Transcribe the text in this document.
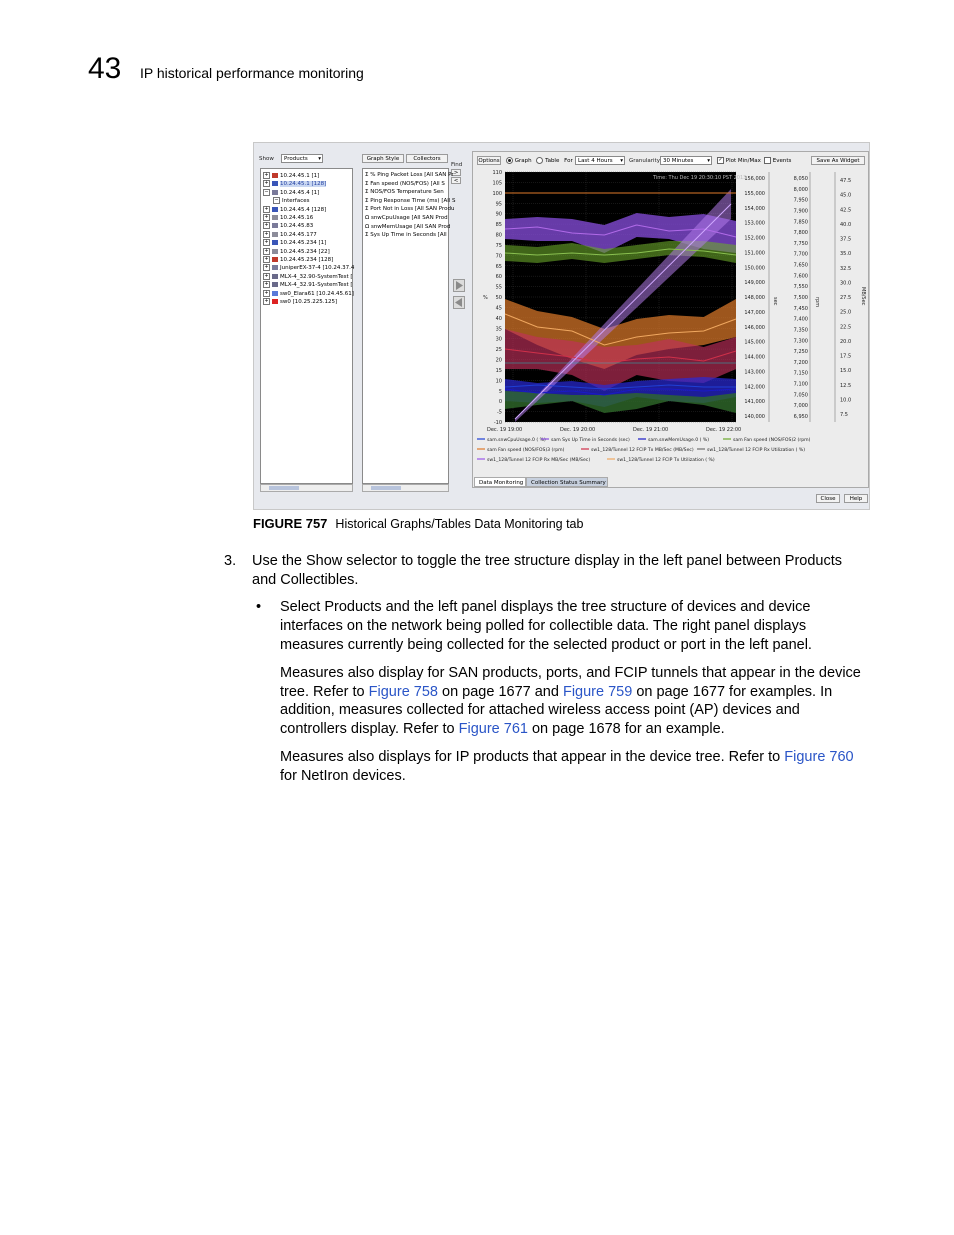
43 IP historical performance monitoring
Show	Products ▾	Graph Style	Collectors
Find
>
<
+ 10.24.45.1 [1]
+ 10.24.45.1 [128]
− 10.24.45.4 [1]
− Interfaces
+ 10.24.45.4 [128]
+ 10.24.45.16
+ 10.24.45.83
+ 10.24.45.177
+ 10.24.45.234 [1]
+ 10.24.45.234 [22]
+ 10.24.45.234 [128]
+ JuniperEX-37-4 [10.24.37.4
+ MLX-4_32.90-SystemTest [
+ MLX-4_32.91-SystemTest [
+ sw0_Elara61 [10.24.45.61]
+ sw0 [10.25.225.125]
Σ % Ping Packet Loss [All SAN Pr
Σ Fan speed (NOS/FOS) [All S
Σ NOS/FOS Temperature Sen
Σ Ping Response Time (ms) [All S
Σ Port Not in Loss [All SAN Produ
Ω snwCpuUsage [All SAN Prod
Ω snwMemUsage [All SAN Prod
Σ Sys Up Time in Seconds [All
Options	Graph Table For Last 4 Hours ▾ Granularity 30 Minutes	▾ ✓ Plot Min/Max	Events	Save As Widget
110
105
100
95
90
85
80
75
70
65
60
55
50
45
40
35
30
25
20
15
10
5
0
-5
-10
%
156,000
155,000
154,000
153,000
152,000
151,000
150,000
149,000
148,000
147,000
146,000
145,000
144,000
143,000
142,000
141,000
140,000
8,050
8,000
7,950
7,900
7,850
7,800
7,750
7,700
7,650
7,600
7,550
7,500
7,450
7,400
7,350
7,300
7,250
7,200
7,150
7,100
7,050
7,000
6,950
47.5
45.0
42.5
40.0
37.5
35.0
32.5
30.0
27.5
25.0
22.5
20.0
17.5
15.0
12.5
10.0
7.5
sec	rpm	MB/Sec
Dec. 19 19:00	Dec. 19 20:00	Dec. 19 21:00	Dec. 19 22:00
Time: Thu Dec 19 20:30:10 PST 2013
sam.snwCpuUsage.0 ( %) sam Sys Up Time in Seconds (sec)	sam.snwMemUsage.0 ( %)	sam Fan speed (NOS/FOS)2 (rpm)
sam Fan speed (NOS/FOS)3 (rpm)	sw1_128/Tunnel 12 FCIP Tx MB/Sec (MB/Sec)	sw1_128/Tunnel 12 FCIP Rx Utilization ( %)
sw1_128/Tunnel 12 FCIP Rx MB/Sec (MB/Sec)	sw1_128/Tunnel 12 FCIP Tx Utilization ( %)
Data Monitoring	Collection Status Summary
Close	Help
FIGURE 757 Historical Graphs/Tables Data Monitoring tab
3. Use the Show selector to toggle the tree structure display in the left panel between Products
and Collectibles.
• Select Products and the left panel displays the tree structure of devices and device
interfaces on the network being polled for collectible data. The right panel displays
measures currently being collected for the selected product or port in the left panel.
Measures also display for SAN products, ports, and FCIP tunnels that appear in the device
tree. Refer to Figure 758 on page 1677 and Figure 759 on page 1677 for examples. In
addition, measures collected for attached wireless access point (AP) devices and
controllers display. Refer to Figure 761 on page 1678 for an example.
Measures also displays for IP products that appear in the device tree. Refer to Figure 760
for NetIron devices.
